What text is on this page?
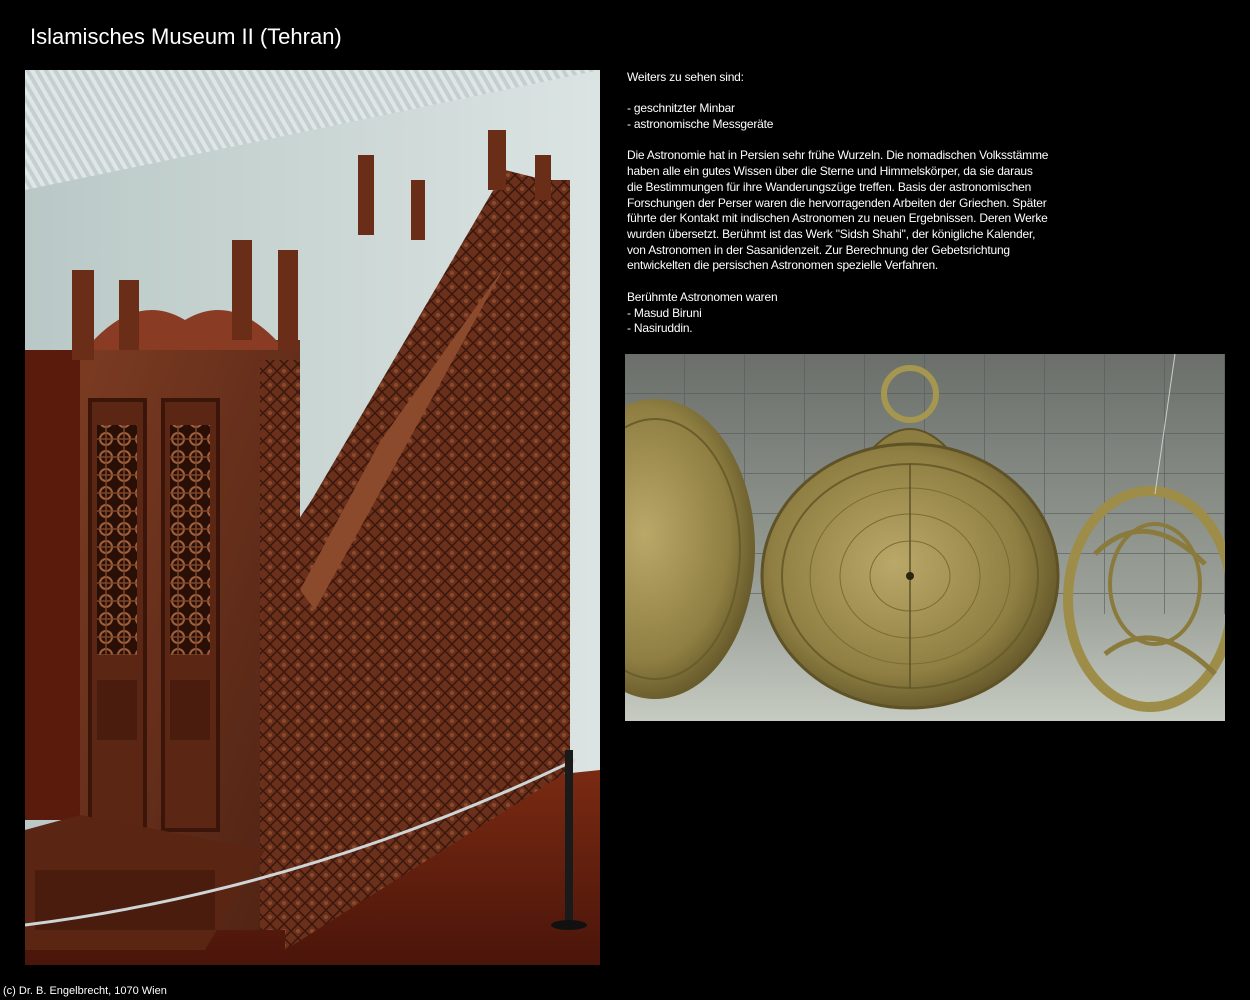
Islamisches Museum II (Tehran)
Weiters zu sehen sind:
- geschnitzter Minbar
- astronomische Messgeräte
Die Astronomie hat in Persien sehr frühe Wurzeln. Die nomadischen Volksstämme
haben alle ein gutes Wissen über die Sterne und Himmelskörper, da sie daraus
die Bestimmungen für ihre Wanderungszüge treffen. Basis der astronomischen
Forschungen der Perser waren die hervorragenden Arbeiten der Griechen. Später
führte der Kontakt mit indischen Astronomen zu neuen Ergebnissen. Deren Werke
wurden übersetzt. Berühmt ist das Werk "Sidsh Shahi", der königliche Kalender,
von Astronomen in der Sasanidenzeit. Zur Berechnung der Gebetsrichtung
entwickelten die persischen Astronomen spezielle Verfahren.
Berühmte Astronomen waren
- Masud Biruni
- Nasiruddin.
(c) Dr. B. Engelbrecht, 1070 Wien
